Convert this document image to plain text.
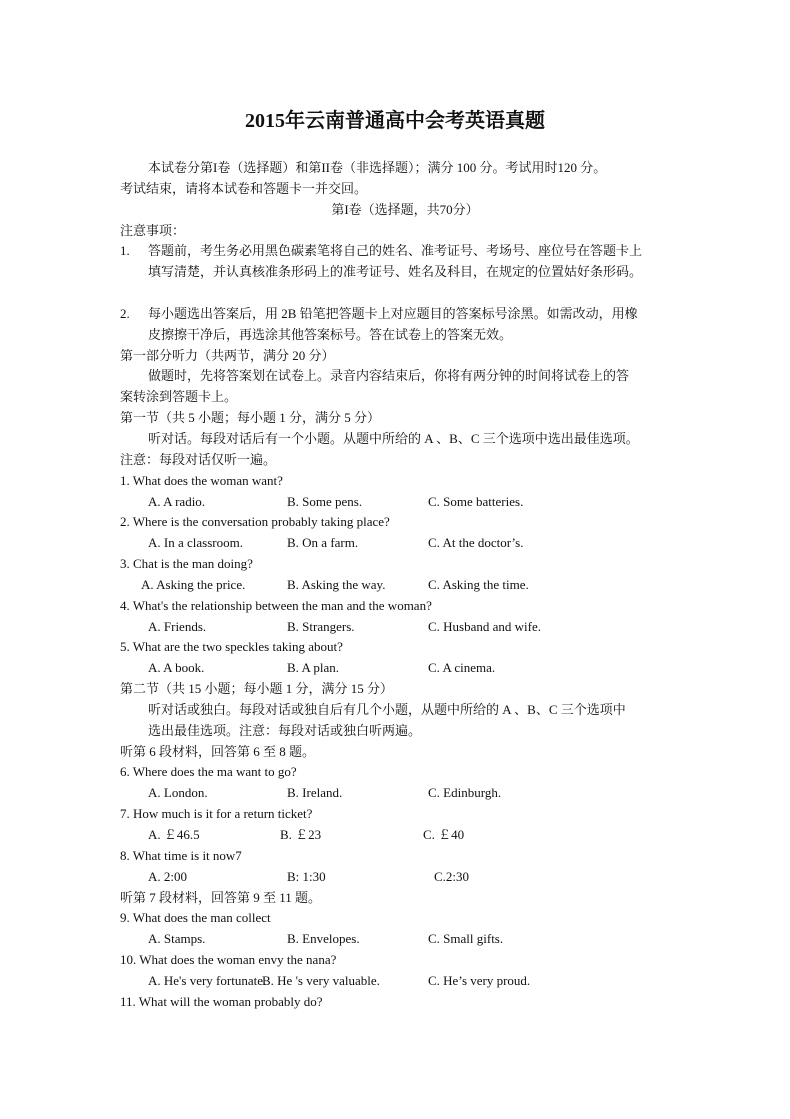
2015年云南普通高中会考英语真题
本试卷分第I卷（选择题）和第II卷（非选择题）；满分 100 分。考试用时120 分。
考试结束，请将本试卷和答题卡一并交回。
第I卷（选择题，共70分）
注意事项：
1. 答题前，考生务必用黑色碳素笔将自己的姓名、准考证号、考场号、座位号在答题卡上
填写清楚，并认真核准条形码上的准考证号、姓名及科目，在规定的位置姑好条形码。
2. 每小题选出答案后，用 2B 铅笔把答题卡上对应题目的答案标号涂黑。如需改动，用橡
皮擦擦干净后，再选涂其他答案标号。答在试卷上的答案无效。
第一部分听力（共两节，满分 20 分）
做题时，先将答案划在试卷上。录音内容结束后，你将有两分钟的时间将试卷上的答
案转涂到答题卡上。
第一节（共 5 小题；每小题 1 分，满分 5 分）
听对话。每段对话后有一个小题。从题中所给的 A 、B、C 三个选项中选出最佳选项。
注意：每段对话仅听一遍。
1. What does the woman want?
A. A radio.	B. Some pens.	C. Some batteries.
2. Where is the conversation probably taking place?
A. In a classroom.	B. On a farm.	C. At the doctor’s.
3. Chat is the man doing?
A. Asking the price.	B. Asking the way.	C. Asking the time.
4. What's the relationship between the man and the woman?
A. Friends.	B. Strangers.	C. Husband and wife.
5. What are the two speckles taking about?
A. A book.	B. A plan.	C. A cinema.
第二节（共 15 小题；每小题 1 分，满分 15 分）
听对话或独白。每段对话或独自后有几个小题，从题中所给的 A 、B、C 三个选项中
选出最佳选项。注意：每段对话或独白听两遍。
听第 6 段材料，回答第 6 至 8 题。
6. Where does the ma want to go?
A. London.	B. Ireland.	C. Edinburgh.
7. How much is it for a return ticket?
A. ￡46.5	B. ￡23	C. ￡40
8. What time is it now7
A. 2:00	B: 1:30	C.2:30
听第 7 段材料，回答第 9 至 11 题。
9. What does the man collect
A. Stamps.	B. Envelopes.	C. Small gifts.
10. What does the woman envy the nana?
A. He's very fortunate.
B. He 's very valuable.	C. He’s very proud.
11. What will the woman probably do?
